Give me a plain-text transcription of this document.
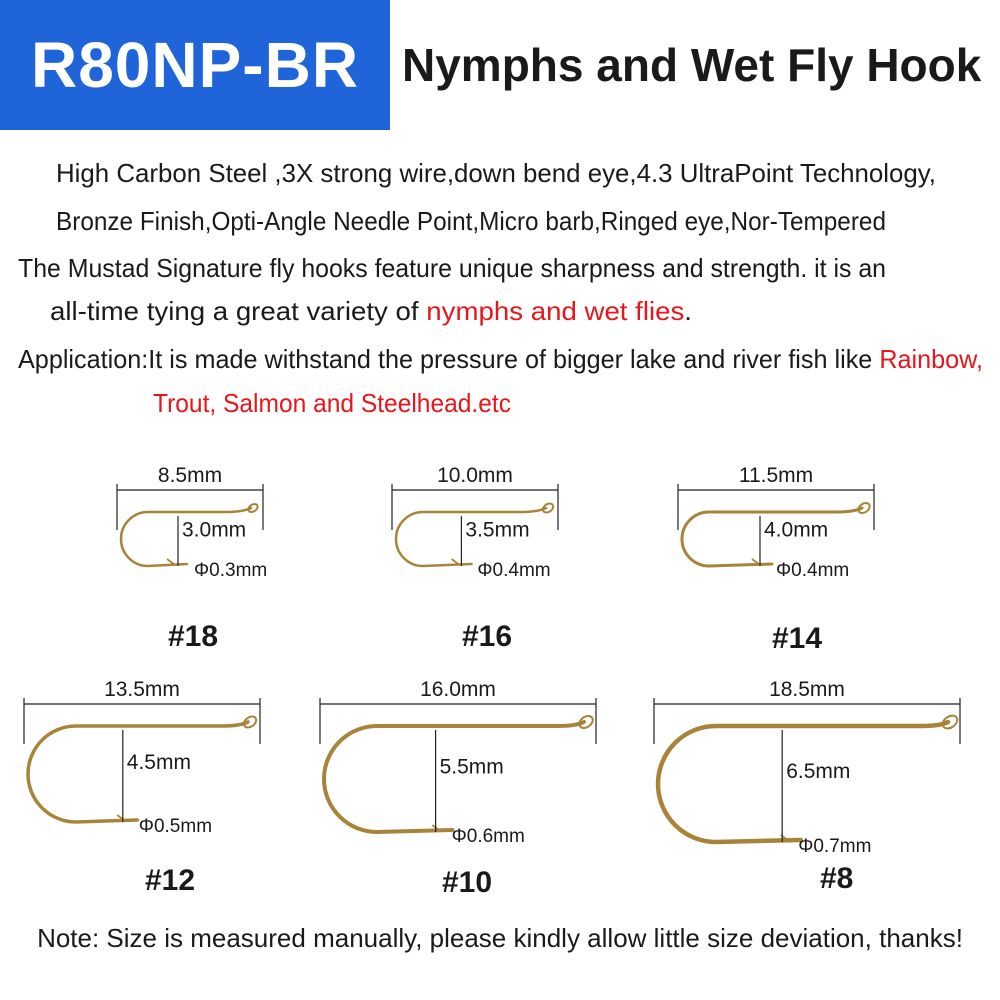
R80NP-BR Nymphs and Wet Fly Hook
High Carbon Steel ,3X strong wire,down bend eye,4.3 UltraPoint Technology,
Bronze Finish,Opti-Angle Needle Point,Micro barb,Ringed eye,Nor-Tempered
The Mustad Signature fly hooks feature unique sharpness and strength. it is an
all-time tying a great variety of nymphs and wet flies.
Application:It is made withstand the pressure of bigger lake and river fish like Rainbow,
Trout, Salmon and Steelhead.etc
8.5mm
3.0mm
Φ0.3mm
#18
10.0mm
3.5mm
Φ0.4mm
#16
11.5mm
4.0mm
Φ0.4mm
#14
13.5mm
4.5mm
Φ0.5mm
#12
16.0mm
5.5mm
Φ0.6mm
#10
18.5mm
6.5mm
Φ0.7mm
#8
Note: Size is measured manually, please kindly allow little size deviation, thanks!
